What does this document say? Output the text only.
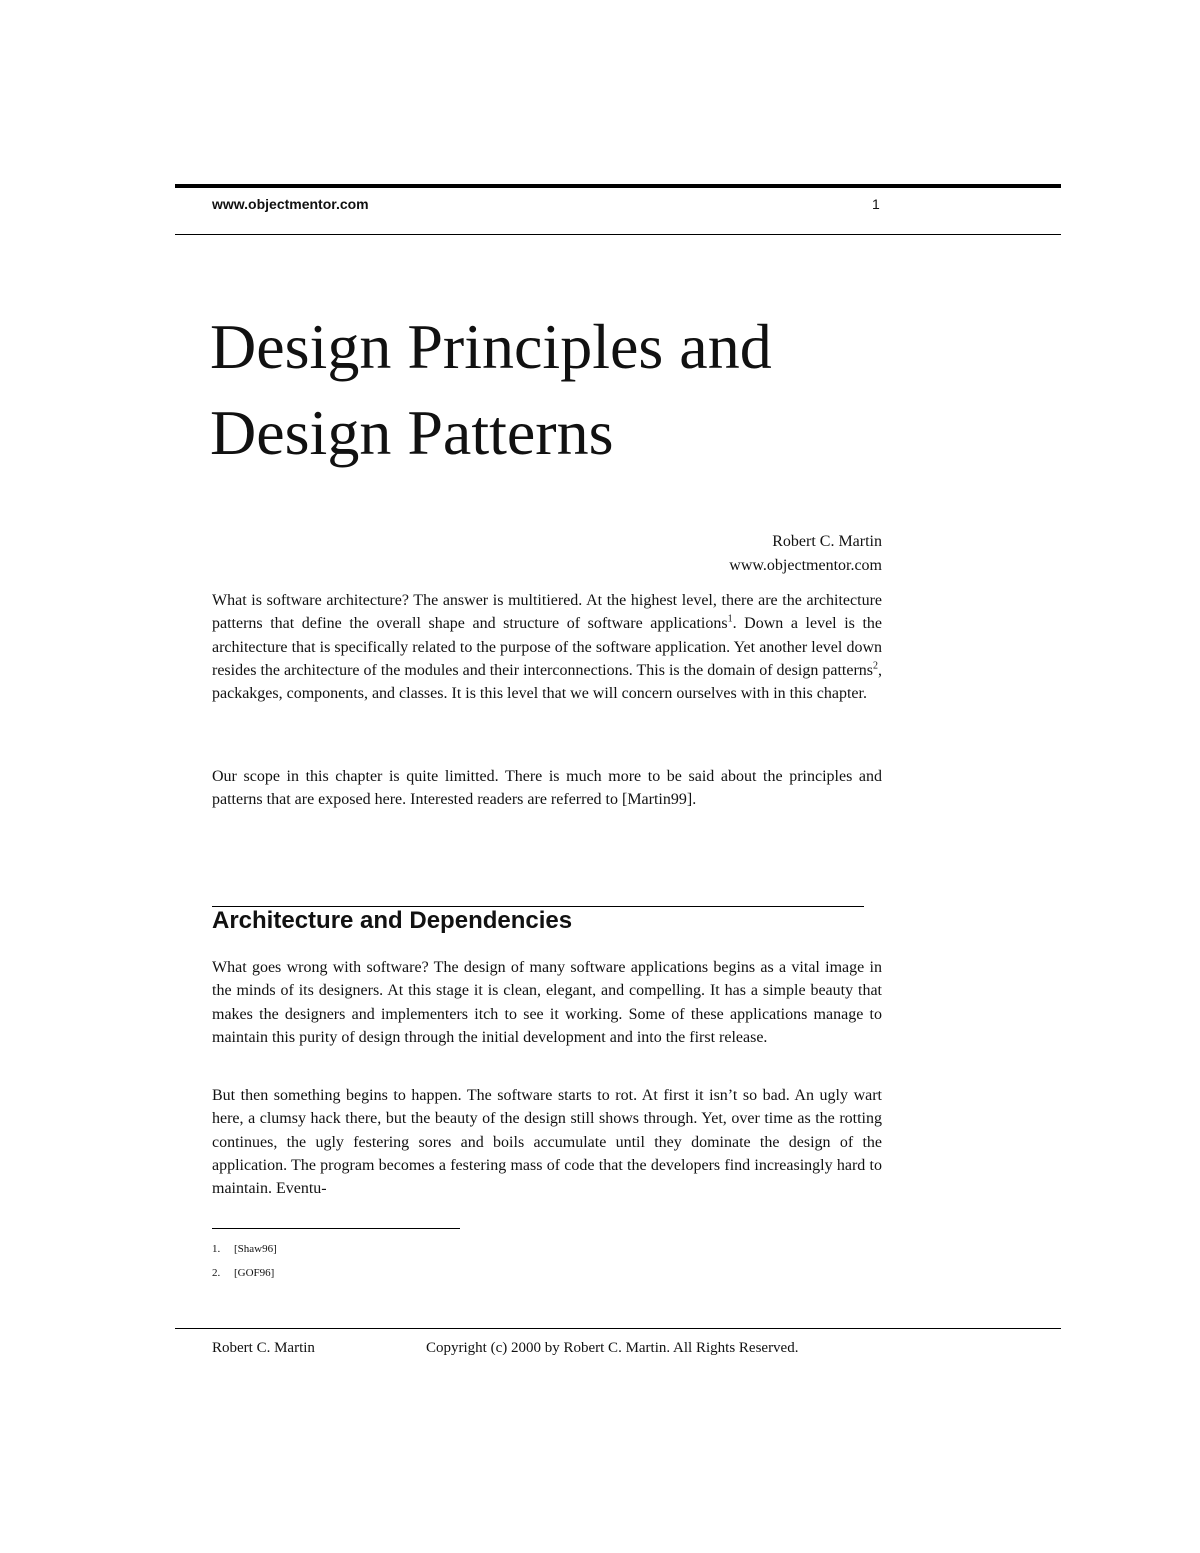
www.objectmentor.com	1
Design Principles and
Design Patterns
Robert C. Martin
www.objectmentor.com

What is software architecture? The answer is multitiered. At the highest level, there are the architecture patterns that define the overall shape and structure of software applications$^1$. Down a level is the architecture that is specifically related to the purpose of the software application. Yet another level down resides the architecture of the modules and their interconnections. This is the domain of design patterns$^2$, packakges, components, and classes. It is this level that we will concern ourselves with in this chapter.

Our scope in this chapter is quite limitted. There is much more to be said about the principles and patterns that are exposed here. Interested readers are referred to [Martin99].

Architecture and Dependencies

What goes wrong with software? The design of many software applications begins as a vital image in the minds of its designers. At this stage it is clean, elegant, and compelling. It has a simple beauty that makes the designers and implementers itch to see it working. Some of these applications manage to maintain this purity of design through the initial development and into the first release.

But then something begins to happen. The software starts to rot. At first it isn’t so bad. An ugly wart here, a clumsy hack there, but the beauty of the design still shows through. Yet, over time as the rotting continues, the ugly festering sores and boils accumulate until they dominate the design of the application. The program becomes a festering mass of code that the developers find increasingly hard to maintain. Eventu-

1. [Shaw96]
2. [GOF96]
Robert C. Martin	Copyright (c) 2000 by Robert C. Martin. All Rights Reserved.
